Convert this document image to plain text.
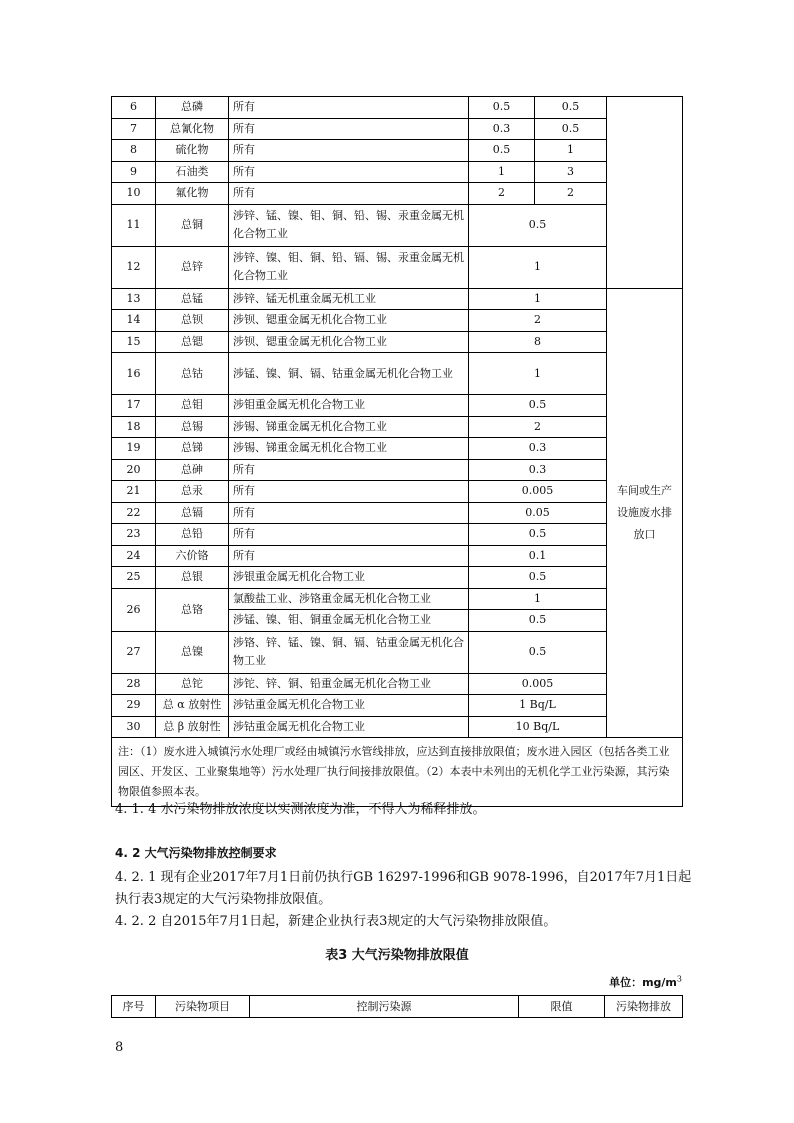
6	总磷	所有	0.5	0.5	
7	总氰化物	所有	0.3	0.5	
8	硫化物	所有	0.5	1	
9	石油类	所有	1	3	
10	氟化物	所有	2	2	
11	总铜	涉锌、锰、镍、钼、铜、铅、锡、汞重金属无机化合物工业	0.5		
12	总锌	涉锌、镍、钼、铜、铅、镉、锡、汞重金属无机化合物工业	1		
13	总锰	涉锌、锰无机重金属无机工业	1		车间或生产设施废水排放口
14	总钡	涉钡、锶重金属无机化合物工业	2		
15	总锶	涉钡、锶重金属无机化合物工业	8		
16	总钴	涉锰、镍、铜、镉、钴重金属无机化合物工业	1		
17	总钼	涉钼重金属无机化合物工业	0.5		
18	总锡	涉锡、锑重金属无机化合物工业	2		
19	总锑	涉锡、锑重金属无机化合物工业	0.3		
20	总砷	所有	0.3		
21	总汞	所有	0.005		
22	总镉	所有	0.05		
23	总铅	所有	0.5		
24	六价铬	所有	0.1		
25	总银	涉银重金属无机化合物工业	0.5		
26	总铬	氯酸盐工业、涉铬重金属无机化合物工业	1		
		涉锰、镍、钼、铜重金属无机化合物工业	0.5		
27	总镍	涉铬、锌、锰、镍、铜、镉、钴重金属无机化合物工业	0.5		
28	总铊	涉铊、锌、铜、铅重金属无机化合物工业	0.005		
29	总 α 放射性	涉钴重金属无机化合物工业	1 Bq/L		
30	总 β 放射性	涉钴重金属无机化合物工业	10 Bq/L		
注：（1）废水进入城镇污水处理厂或经由城镇污水管线排放，应达到直接排放限值；废水进入园区（包括各类工业园区、开发区、工业聚集地等）污水处理厂执行间接排放限值。（2）本表中未列出的无机化学工业污染源，其污染物限值参照本表。					
4. 1. 4 水污染物排放浓度以实测浓度为准，不得人为稀释排放。
4. 2 大气污染物排放控制要求
4. 2. 1 现有企业2017年7月1日前仍执行GB 16297-1996和GB 9078-1996，自2017年7月1日起
执行表3规定的大气污染物排放限值。
4. 2. 2 自2015年7月1日起，新建企业执行表3规定的大气污染物排放限值。
表3 大气污染物排放限值
单位：$mg/m^3$
序号	污染物项目	控制污染源	限值	污染物排放
8
